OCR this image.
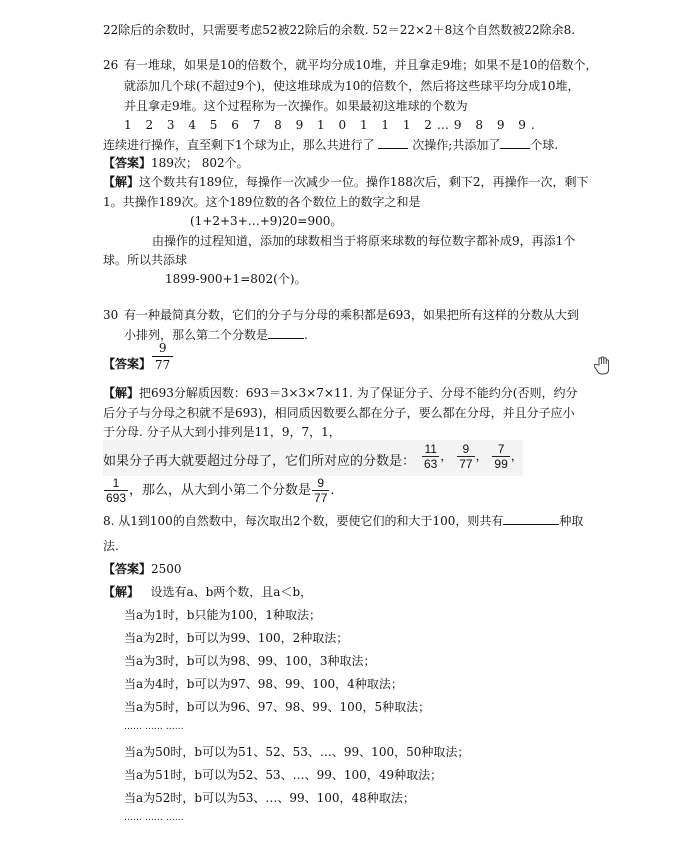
22除后的余数时，只需要考虑52被22除后的余数. 52＝22×2＋8这个自然数被22除余8.
26 有一堆球，如果是10的倍数个，就平均分成10堆，并且拿走9堆；如果不是10的倍数个，
就添加几个球(不超过9个)，使这堆球成为10的倍数个，然后将这些球平均分成10堆，
并且拿走9堆。这个过程称为一次操作。如果最初这堆球的个数为
1 2 3 4 5 6 7 8 9 1 0 1 1 1 2…9 8 9 9.
连续进行操作，直至剩下1个球为止，那么共进行了	次操作;共添加了	个球.
【答案】189次； 802个。
【解】这个数共有189位，每操作一次减少一位。操作188次后，剩下2，再操作一次，剩下
1。共操作189次。这个189位数的各个数位上的数字之和是
(1+2+3+…+9)20=900。
由操作的过程知道，添加的球数相当于将原来球数的每位数字都补成9，再添1个
球。所以共添球
1899-900+1=802(个)。
30 有一种最简真分数，它们的分子与分母的乘积都是693，如果把所有这样的分数从大到
小排列，那么第二个分数是	.
【答案】 $\frac{9}{77}$
【解】把693分解质因数：693＝3×3×7×11. 为了保证分子、分母不能约分(否则，约分
后分子与分母之积就不是693)，相同质因数要么都在分子，要么都在分母，并且分子应小
于分母. 分子从大到小排列是11，9，7，1，
如果分子再大就要超过分母了，它们所对应的分数是： $\frac{11}{63}$ ， $\frac{9}{77}$ ， $\frac{7}{99}$ ，
$\frac{1}{693}$ ，那么，从大到小第二个分数是 $\frac{9}{77}$ .
8. 从1到100的自然数中，每次取出2个数，要使它们的和大于100，则共有	种取
法.
【答案】2500
【解】 设选有a、b两个数，且a＜b，
当a为1时，b只能为100，1种取法；
当a为2时，b可以为99、100，2种取法；
当a为3时，b可以为98、99、100，3种取法；
当a为4时，b可以为97、98、99、100，4种取法；
当a为5时，b可以为96、97、98、99、100，5种取法；
…… …… ……
当a为50时，b可以为51、52、53、…、99、100，50种取法；
当a为51时，b可以为52、53、…、99、100，49种取法；
当a为52时，b可以为53、…、99、100，48种取法；
…… …… ……
